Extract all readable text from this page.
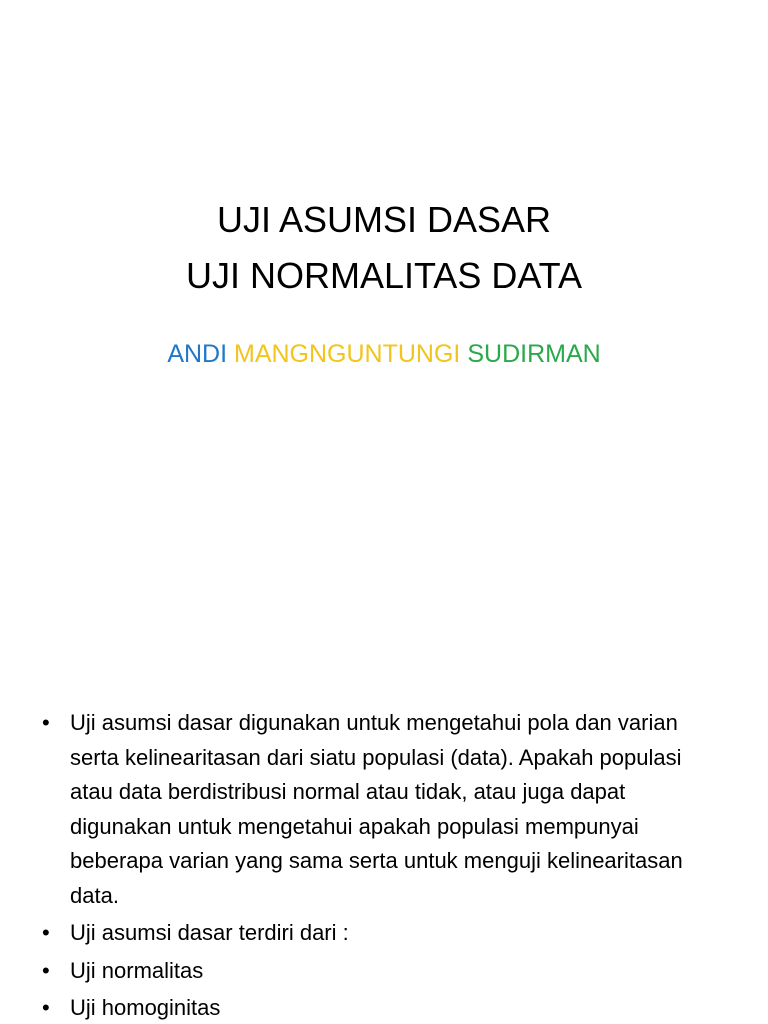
UJI ASUMSI DASAR
UJI NORMALITAS DATA

ANDI MANGNGUNTUNGI SUDIRMAN

• Uji asumsi dasar digunakan untuk mengetahui pola dan varian serta kelinearitasan dari siatu populasi (data). Apakah populasi atau data berdistribusi normal atau tidak, atau juga dapat digunakan untuk mengetahui apakah populasi mempunyai beberapa varian yang sama serta untuk menguji kelinearitasan data.
• Uji asumsi dasar terdiri dari :
• Uji normalitas
• Uji homoginitas
